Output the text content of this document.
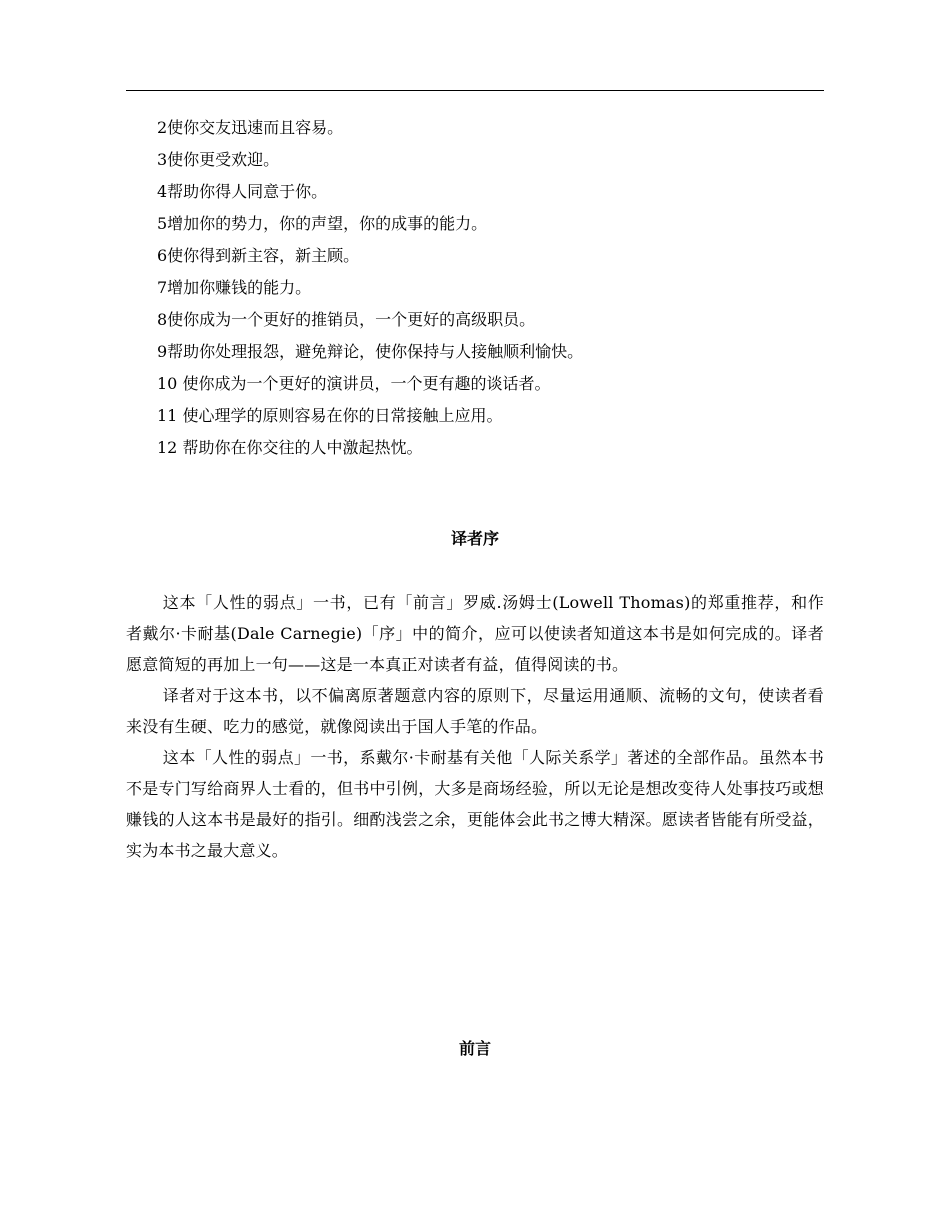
2使你交友迅速而且容易。
3使你更受欢迎。
4帮助你得人同意于你。
5增加你的势力，你的声望，你的成事的能力。
6使你得到新主容，新主顾。
7增加你赚钱的能力。
8使你成为一个更好的推销员，一个更好的高级职员。
9帮助你处理报怨，避免辩论，使你保持与人接触顺利愉快。
10 使你成为一个更好的演讲员，一个更有趣的谈话者。
11 使心理学的原则容易在你的日常接触上应用。
12 帮助你在你交往的人中激起热忱。
译者序

这本「人性的弱点」一书，已有「前言」罗威.汤姆士(Lowell Thomas)的郑重推荐，和作者戴尔·卡耐基(Dale Carnegie)「序」中的简介，应可以使读者知道这本书是如何完成的。译者愿意简短的再加上一句——这是一本真正对读者有益，值得阅读的书。

译者对于这本书，以不偏离原著题意内容的原则下，尽量运用通顺、流畅的文句，使读者看来没有生硬、吃力的感觉，就像阅读出于国人手笔的作品。

这本「人性的弱点」一书，系戴尔·卡耐基有关他「人际关系学」著述的全部作品。虽然本书不是专门写给商界人士看的，但书中引例，大多是商场经验，所以无论是想改变待人处事技巧或想赚钱的人这本书是最好的指引。细酌浅尝之余，更能体会此书之博大精深。愿读者皆能有所受益，实为本书之最大意义。

前言
